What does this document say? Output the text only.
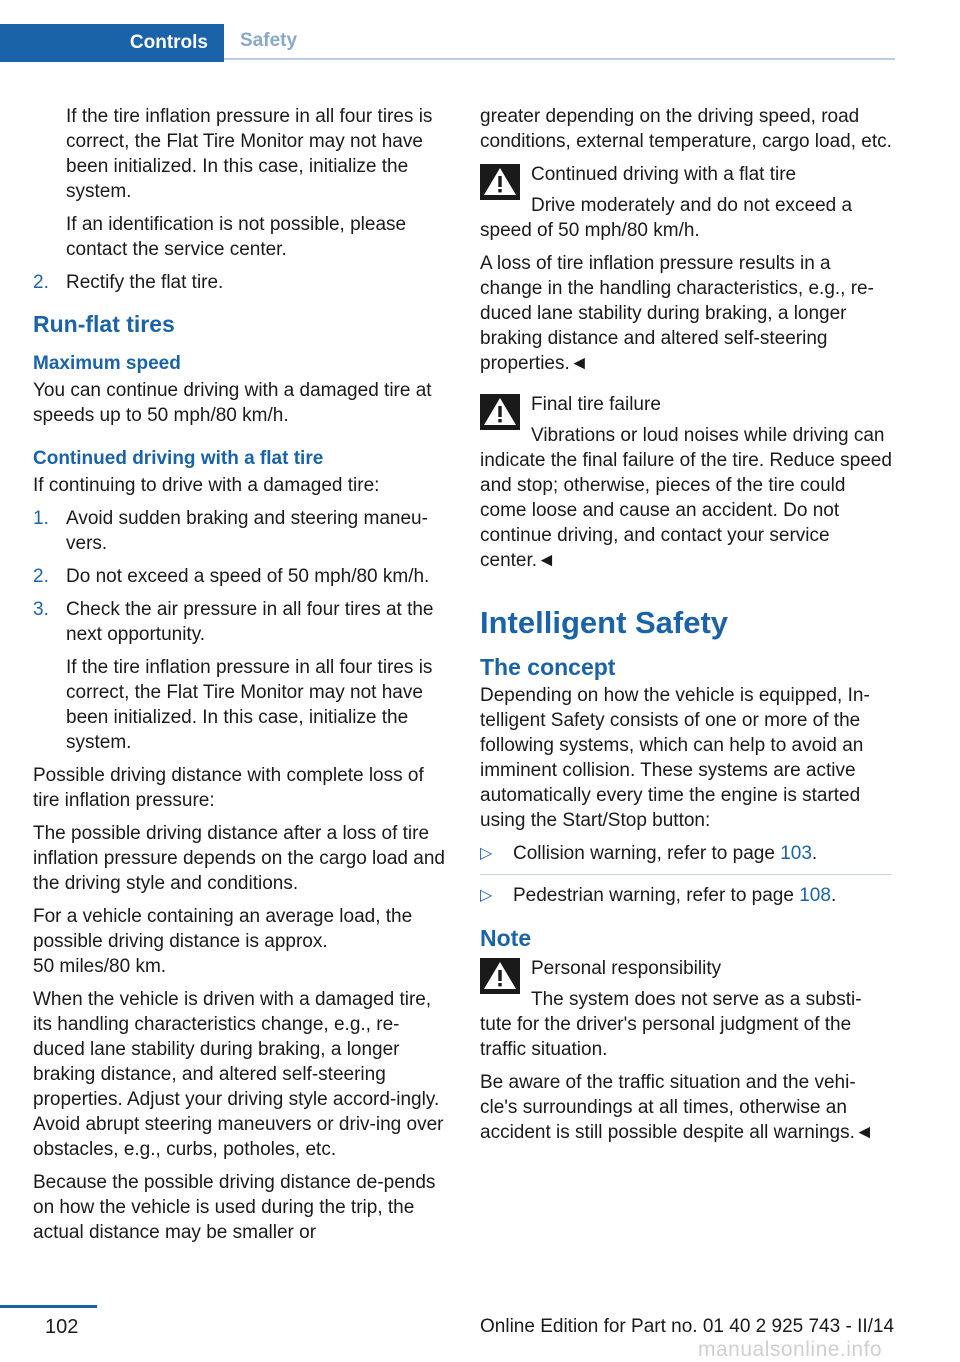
Controls	Safety

If the tire inflation pressure in all four tires is correct, the Flat Tire Monitor may not have been initialized. In this case, initialize the system.

If an identification is not possible, please contact the service center.

2. Rectify the flat tire.
Run-flat tires
Maximum speed

You can continue driving with a damaged tire at speeds up to 50 mph/80 km/h.

Continued driving with a flat tire

If continuing to drive with a damaged tire:

1. Avoid sudden braking and steering maneu‐vers.
2. Do not exceed a speed of 50 mph/80 km/h.
3. Check the air pressure in all four tires at the next opportunity.

If the tire inflation pressure in all four tires is correct, the Flat Tire Monitor may not have been initialized. In this case, initialize the system.

Possible driving distance with complete loss of tire inflation pressure:

The possible driving distance after a loss of tire inflation pressure depends on the cargo load and the driving style and conditions.

For a vehicle containing an average load, the possible driving distance is approx.

50 miles/80 km.

When the vehicle is driven with a damaged tire, its handling characteristics change, e.g., re‐duced lane stability during braking, a longer braking distance, and altered self-steering properties. Adjust your driving style accord‐ingly. Avoid abrupt steering maneuvers or driv‐ing over obstacles, e.g., curbs, potholes, etc.

Because the possible driving distance de‐pends on how the vehicle is used during the trip, the actual distance may be smaller or

greater depending on the driving speed, road conditions, external temperature, cargo load, etc.

Continued driving with a flat tire

Drive moderately and do not exceed a speed of 50 mph/80 km/h.

A loss of tire inflation pressure results in a change in the handling characteristics, e.g., re‐duced lane stability during braking, a longer braking distance and altered self-steering properties.◄

Final tire failure

Vibrations or loud noises while driving can indicate the final failure of the tire. Reduce speed and stop; otherwise, pieces of the tire could come loose and cause an accident. Do not continue driving, and contact your service center.◄

Intelligent Safety
The concept

Depending on how the vehicle is equipped, In‐telligent Safety consists of one or more of the following systems, which can help to avoid an imminent collision. These systems are active automatically every time the engine is started using the Start/Stop button:

▷	Collision warning, refer to page 103.
▷	Pedestrian warning, refer to page 108.
Note

Personal responsibility

The system does not serve as a substi‐tute for the driver's personal judgment of the traffic situation.

Be aware of the traffic situation and the vehi‐cle's surroundings at all times, otherwise an accident is still possible despite all warnings.◄

102	Online Edition for Part no. 01 40 2 925 743 - II/14
manualsonline.info
